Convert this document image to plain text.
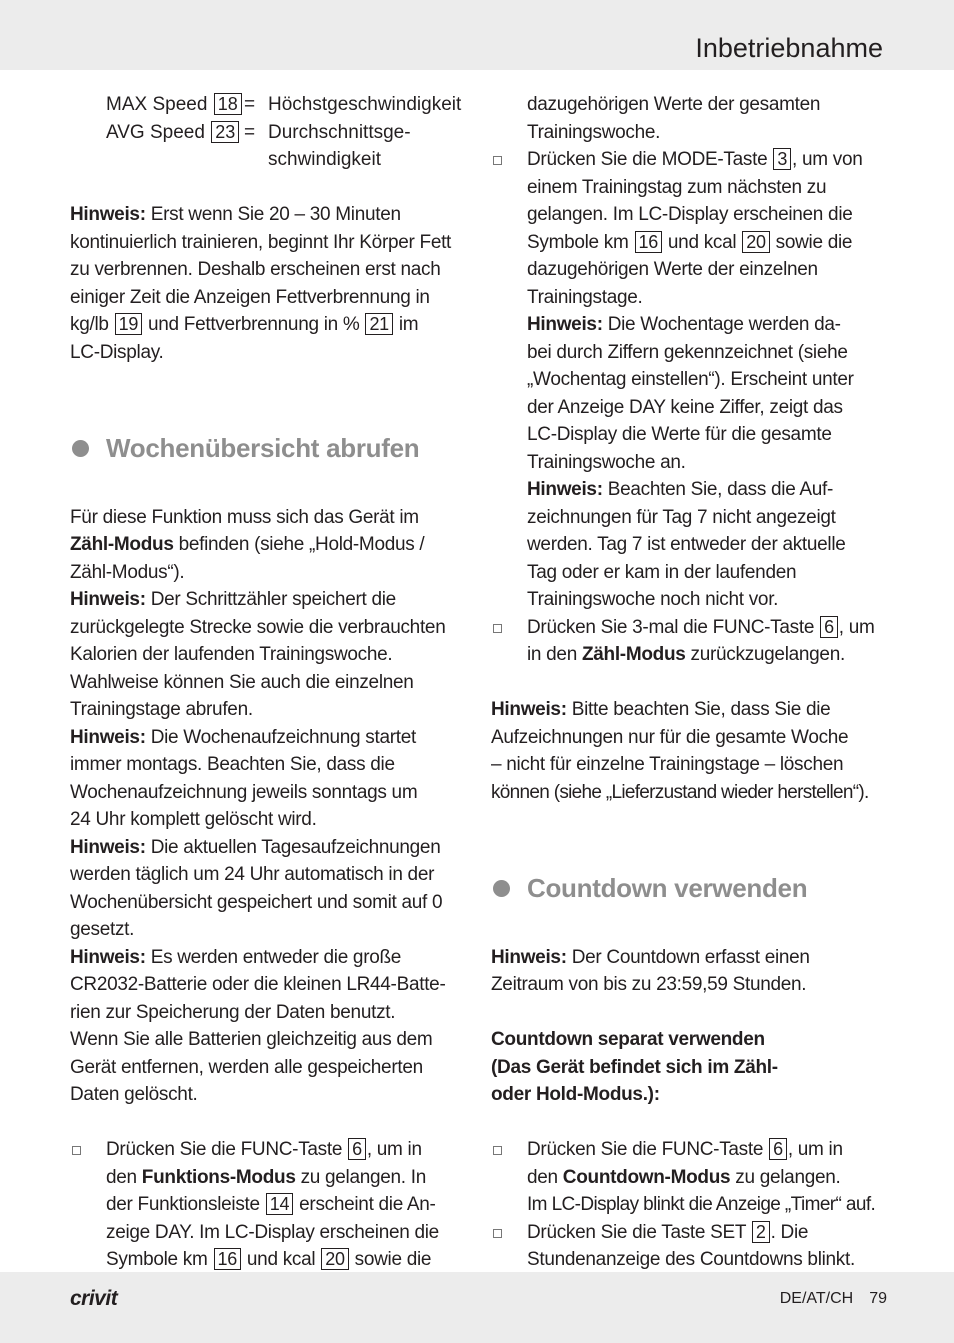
Inbetriebnahme
MAX Speed 18 = Höchstgeschwindigkeit
AVG Speed 23 = Durchschnittsge-
schwindigkeit
Hinweis: Erst wenn Sie 20 – 30 Minuten
kontinuierlich trainieren, beginnt Ihr Körper Fett
zu verbrennen. Deshalb erscheinen erst nach
einiger Zeit die Anzeigen Fettverbrennung in
kg/lb 19 und Fettverbrennung in % 21 im
LC-Display.
Wochenübersicht abrufen
Für diese Funktion muss sich das Gerät im
Zähl-Modus befinden (siehe „Hold-Modus /
Zähl-Modus“).
Hinweis: Der Schrittzähler speichert die
zurückgelegte Strecke sowie die verbrauchten
Kalorien der laufenden Trainingswoche.
Wahlweise können Sie auch die einzelnen
Trainingstage abrufen.
Hinweis: Die Wochenaufzeichnung startet
immer montags. Beachten Sie, dass die
Wochenaufzeichnung jeweils sonntags um
24 Uhr komplett gelöscht wird.
Hinweis: Die aktuellen Tagesaufzeichnungen
werden täglich um 24 Uhr automatisch in der
Wochenübersicht gespeichert und somit auf 0
gesetzt.
Hinweis: Es werden entweder die große
CR2032-Batterie oder die kleinen LR44-Batte-
rien zur Speicherung der Daten benutzt.
Wenn Sie alle Batterien gleichzeitig aus dem
Gerät entfernen, werden alle gespeicherten
Daten gelöscht.
Drücken Sie die FUNC-Taste 6 , um in
den Funktions-Modus zu gelangen. In
der Funktionsleiste 14 erscheint die An-
zeige DAY. Im LC-Display erscheinen die
Symbole km 16 und kcal 20 sowie die
dazugehörigen Werte der gesamten
Trainingswoche.
Drücken Sie die MODE-Taste 3 , um von
einem Trainingstag zum nächsten zu
gelangen. Im LC-Display erscheinen die
Symbole km 16 und kcal 20 sowie die
dazugehörigen Werte der einzelnen
Trainingstage.
Hinweis: Die Wochentage werden da-
bei durch Ziffern gekennzeichnet (siehe
„Wochentag einstellen“). Erscheint unter
der Anzeige DAY keine Ziffer, zeigt das
LC-Display die Werte für die gesamte
Trainingswoche an.
Hinweis: Beachten Sie, dass die Auf-
zeichnungen für Tag 7 nicht angezeigt
werden. Tag 7 ist entweder der aktuelle
Tag oder er kam in der laufenden
Trainingswoche noch nicht vor.
Drücken Sie 3-mal die FUNC-Taste 6 , um
in den Zähl-Modus zurückzugelangen.
Hinweis: Bitte beachten Sie, dass Sie die
Aufzeichnungen nur für die gesamte Woche
– nicht für einzelne Trainingstage – löschen
können (siehe „Lieferzustand wieder herstellen“).
Countdown verwenden
Hinweis: Der Countdown erfasst einen
Zeitraum von bis zu 23:59,59 Stunden.
Countdown separat verwenden
(Das Gerät befindet sich im Zähl-
oder Hold-Modus.):
Drücken Sie die FUNC-Taste 6 , um in
den Countdown-Modus zu gelangen.
Im LC-Display blinkt die Anzeige „Timer“ auf.
Drücken Sie die Taste SET 2 . Die
Stundenanzeige des Countdowns blinkt.
crivit	DE/AT/CH 79
